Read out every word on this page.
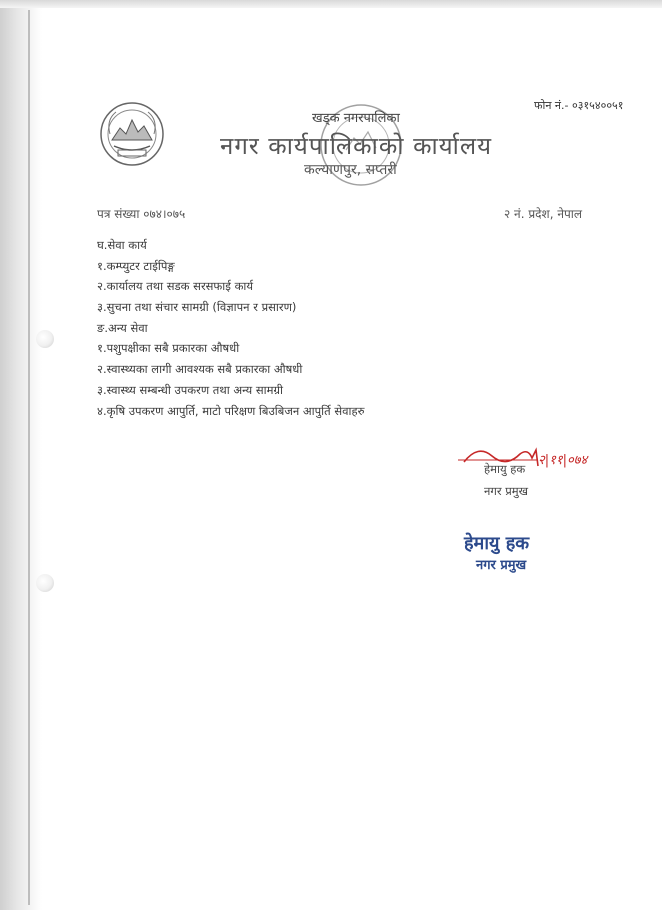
फोन नं.- ०३१५४००५१
खड्क नगरपालिका
नगर कार्यपालिकाको कार्यालय
कल्याणपुर, सप्तरी
पत्र संख्या ०७४।०७५	२ नं. प्रदेश, नेपाल
घ.सेवा कार्य
१.कम्प्युटर टाईपिङ्ग
२.कार्यालय तथा सडक सरसफाई कार्य
३.सुचना तथा संचार सामग्री (विज्ञापन र प्रसारण)
ङ.अन्य सेवा
१.पशुपक्षीका सबै प्रकारका औषधी
२.स्वास्थ्यका लागी आवश्यक सबै प्रकारका औषधी
३.स्वास्थ्य सम्बन्धी उपकरण तथा अन्य सामग्री
४.कृषि उपकरण आपुर्ति, माटो परिक्षण बिउबिजन आपुर्ति सेवाहरु
२|११|०७४
हेमायु हक
नगर प्रमुख
हेमायु हक
नगर प्रमुख
